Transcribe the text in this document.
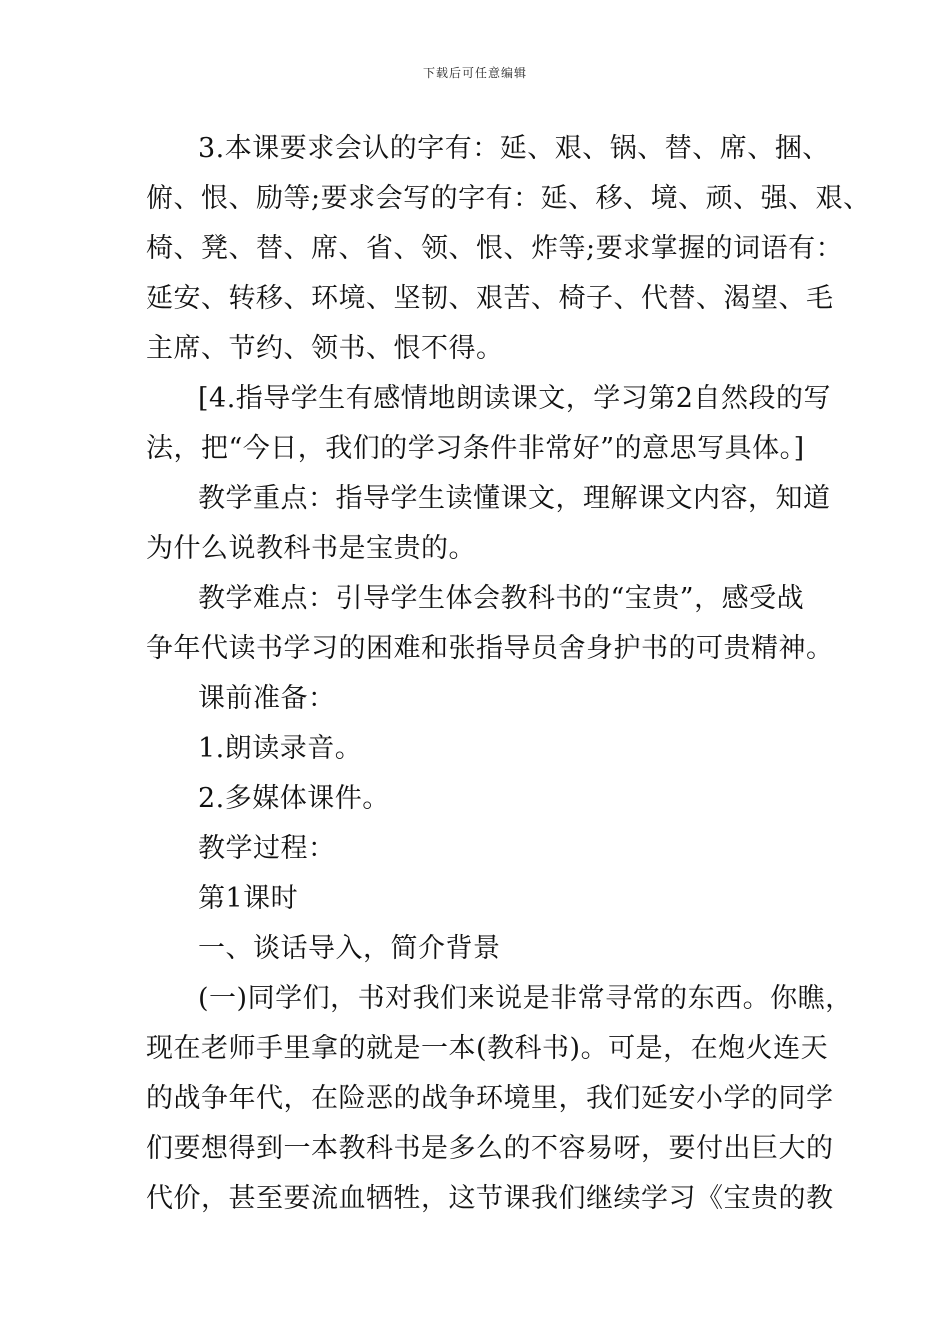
下载后可任意编辑
3.本课要求会认的字有：延、艰、锅、替、席、捆、
俯、恨、励等;要求会写的字有：延、移、境、顽、强、艰、
椅、凳、替、席、省、领、恨、炸等;要求掌握的词语有：
延安、转移、环境、坚韧、艰苦、椅子、代替、渴望、毛
主席、节约、领书、恨不得。
[4.指导学生有感情地朗读课文，学习第2自然段的写
法，把“今日，我们的学习条件非常好”的意思写具体。]
教学重点：指导学生读懂课文，理解课文内容，知道
为什么说教科书是宝贵的。
教学难点：引导学生体会教科书的“宝贵”，感受战
争年代读书学习的困难和张指导员舍身护书的可贵精神。
课前准备：
1.朗读录音。
2.多媒体课件。
教学过程：
第1课时
一、谈话导入，简介背景
(一)同学们，书对我们来说是非常寻常的东西。你瞧，
现在老师手里拿的就是一本(教科书)。可是，在炮火连天
的战争年代，在险恶的战争环境里，我们延安小学的同学
们要想得到一本教科书是多么的不容易呀，要付出巨大的
代价，甚至要流血牺牲，这节课我们继续学习《宝贵的教
